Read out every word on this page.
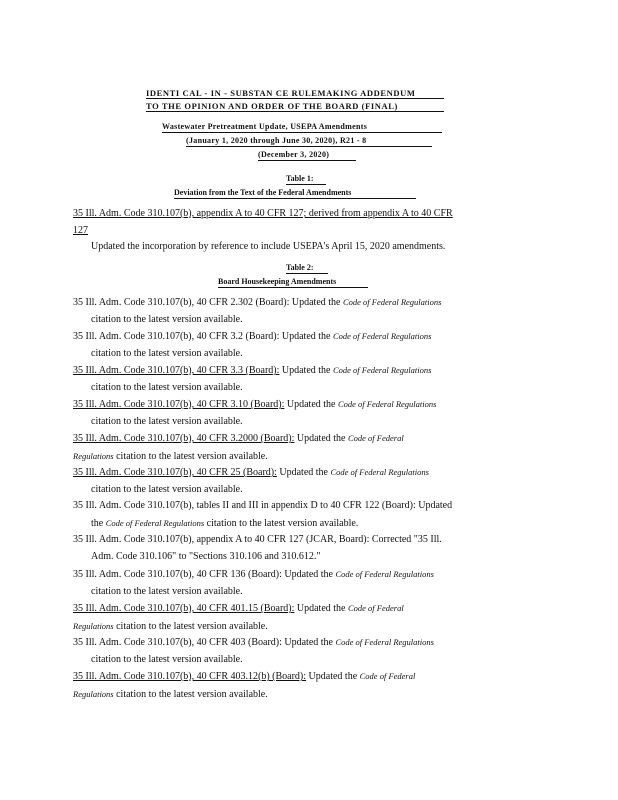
IDENTI CAL - IN - SUBSTAN CE RULEMAKING ADDENDUM
TO THE OPINION AND ORDER OF THE BOARD (FINAL)
Wastewater Pretreatment Update, USEPA Amendments
(January 1, 2020 through June 30, 2020), R21 - 8
(December 3, 2020)
Table 1:
Deviation from the Text of the Federal Amendments
35 Ill. Adm. Code 310.107(b), appendix A to 40 CFR 127; derived from appendix A to 40 CFR
127
Updated the incorporation by reference to include USEPA's April 15, 2020 amendments.
Table 2:
Board Housekeeping Amendments
35 Ill. Adm. Code 310.107(b), 40 CFR 2.302 (Board): Updated the Code of Federal Regulations
citation to the latest version available.
35 Ill. Adm. Code 310.107(b), 40 CFR 3.2 (Board): Updated the Code of Federal Regulations
citation to the latest version available.
35 Ill. Adm. Code 310.107(b), 40 CFR 3.3 (Board): Updated the Code of Federal Regulations
citation to the latest version available.
35 Ill. Adm. Code 310.107(b), 40 CFR 3.10 (Board): Updated the Code of Federal Regulations
citation to the latest version available.
35 Ill. Adm. Code 310.107(b), 40 CFR 3.2000 (Board): Updated the Code of Federal
Regulations citation to the latest version available.
35 Ill. Adm. Code 310.107(b), 40 CFR 25 (Board): Updated the Code of Federal Regulations
citation to the latest version available.
35 Ill. Adm. Code 310.107(b), tables II and III in appendix D to 40 CFR 122 (Board): Updated
the Code of Federal Regulations citation to the latest version available.
35 Ill. Adm. Code 310.107(b), appendix A to 40 CFR 127 (JCAR, Board): Corrected "35 Ill.
Adm. Code 310.106" to "Sections 310.106 and 310.612."
35 Ill. Adm. Code 310.107(b), 40 CFR 136 (Board): Updated the Code of Federal Regulations
citation to the latest version available.
35 Ill. Adm. Code 310.107(b), 40 CFR 401.15 (Board): Updated the Code of Federal
Regulations citation to the latest version available.
35 Ill. Adm. Code 310.107(b), 40 CFR 403 (Board): Updated the Code of Federal Regulations
citation to the latest version available.
35 Ill. Adm. Code 310.107(b), 40 CFR 403.12(b) (Board): Updated the Code of Federal
Regulations citation to the latest version available.
